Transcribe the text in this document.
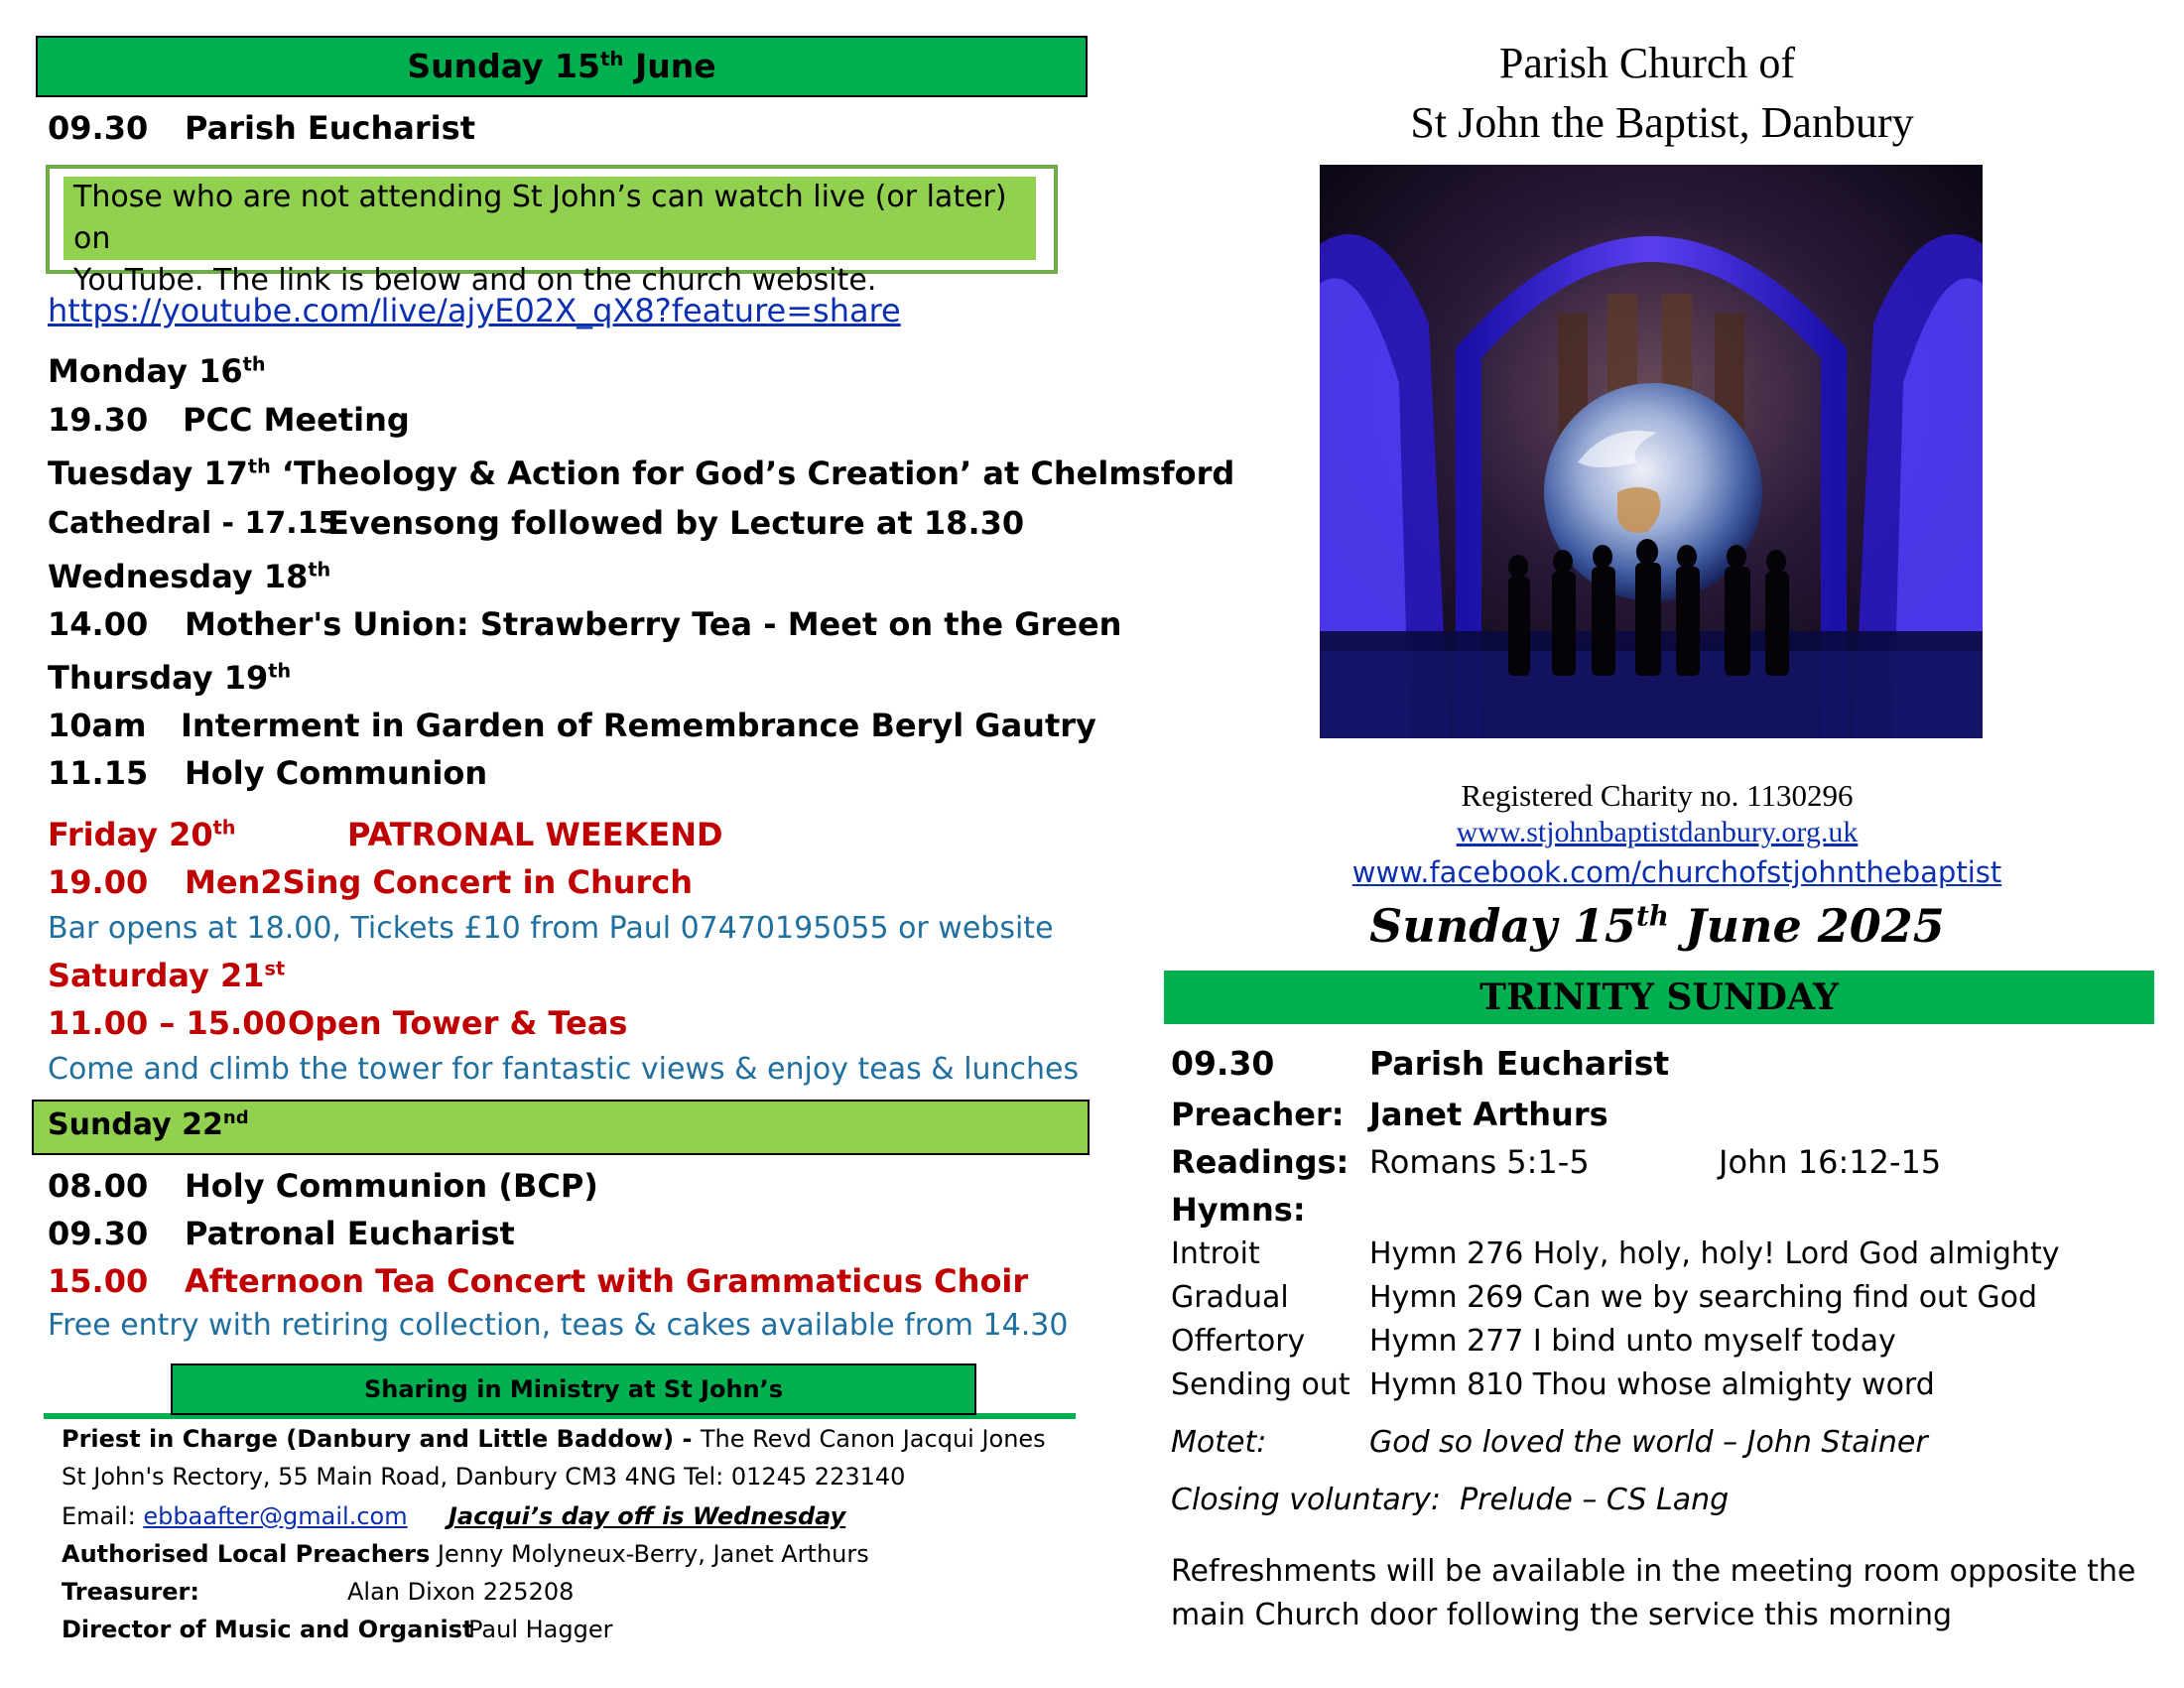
Sunday 15th June
09.30 Parish Eucharist
Those who are not attending St John’s can watch live (or later) on
YouTube. The link is below and on the church website.
https://youtube.com/live/ajyE02X_qX8?feature=share
Monday 16th
19.30 PCC Meeting
Tuesday 17th ‘Theology & Action for God’s Creation’ at Chelmsford
Cathedral - 17.15
Evensong followed by Lecture at 18.30
Wednesday 18th
14.00 Mother's Union: Strawberry Tea - Meet on the Green
Thursday 19th
10am Interment in Garden of Remembrance Beryl Gautry
11.15 Holy Communion
Friday 20th	PATRONAL WEEKEND
19.00 Men2Sing Concert in Church
Bar opens at 18.00, Tickets £10 from Paul 07470195055 or website
Saturday 21st
11.00 – 15.00 Open Tower & Teas
Come and climb the tower for fantastic views & enjoy teas & lunches
Sunday 22nd
08.00 Holy Communion (BCP)
09.30 Patronal Eucharist
15.00 Afternoon Tea Concert with Grammaticus Choir
Free entry with retiring collection, teas & cakes available from 14.30
Sharing in Ministry at St John’s
Priest in Charge (Danbury and Little Baddow) - The Revd Canon Jacqui Jones
St John's Rectory, 55 Main Road, Danbury CM3 4NG Tel: 01245 223140
Email: ebbaafter@gmail.com Jacqui’s day off is Wednesday
Authorised Local Preachers Jenny Molyneux-Berry, Janet Arthurs
Treasurer:	Alan Dixon 225208
Director of Music and Organist
Paul Hagger
Parish Church of
St John the Baptist, Danbury
Registered Charity no. 1130296
www.stjohnbaptistdanbury.org.uk
www.facebook.com/churchofstjohnthebaptist
Sunday 15th June 2025
TRINITY SUNDAY
09.30	Parish Eucharist
Preacher: Janet Arthurs
Readings: Romans 5:1-5	John 16:12-15
Hymns:
Introit	Hymn 276 Holy, holy, holy! Lord God almighty
Gradual	Hymn 269 Can we by searching find out God
Offertory Hymn 277 I bind unto myself today
Sending out Hymn 810 Thou whose almighty word
Motet:	God so loved the world – John Stainer
Closing voluntary: Prelude – CS Lang
Refreshments will be available in the meeting room opposite the
main Church door following the service this morning
